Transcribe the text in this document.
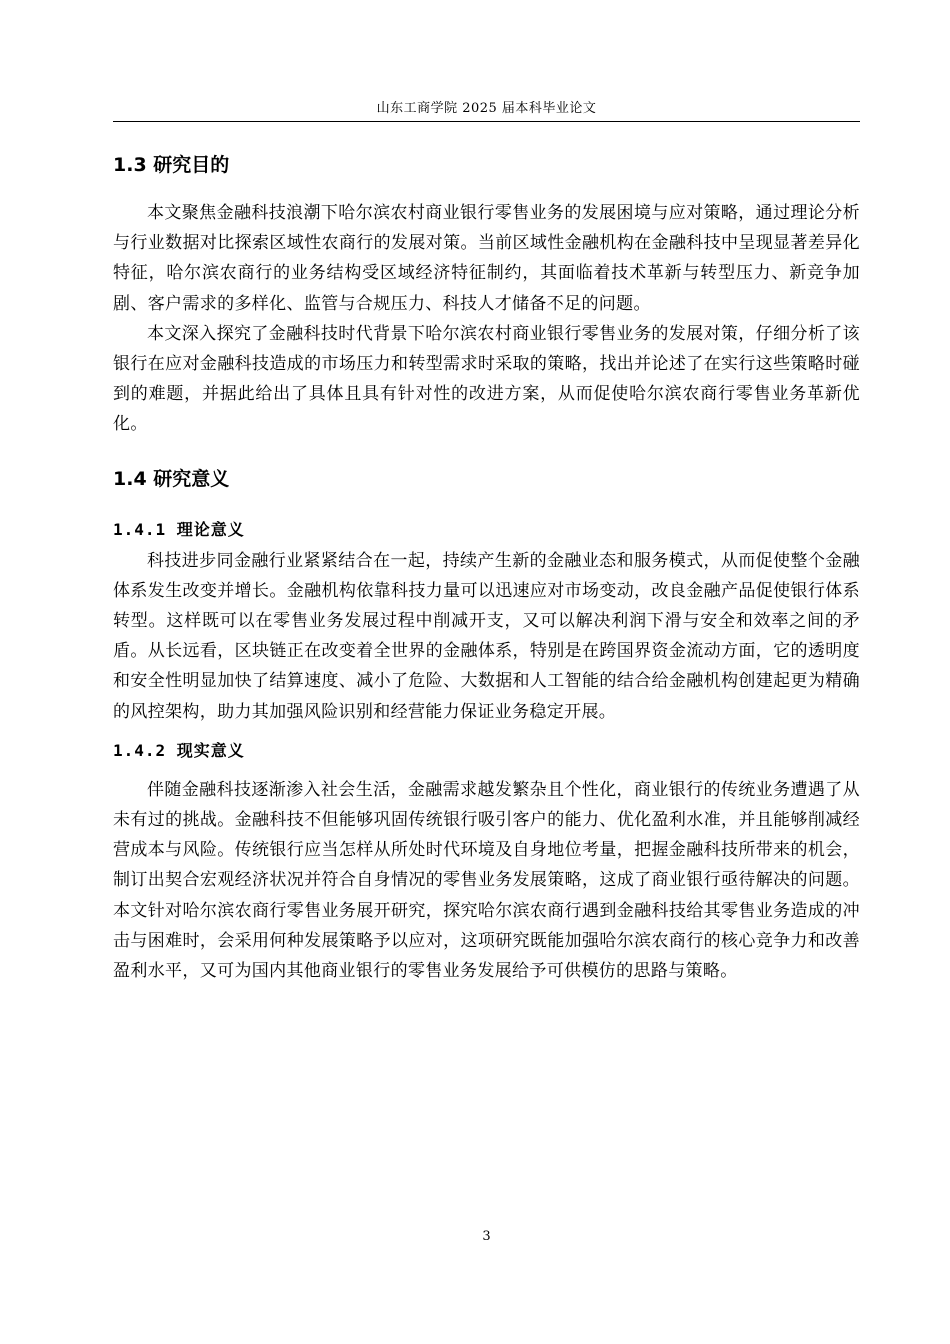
山东工商学院 2025 届本科毕业论文
1.3 研究目的

本文聚焦金融科技浪潮下哈尔滨农村商业银行零售业务的发展困境与应对策略，通过理论分析与行业数据对比探索区域性农商行的发展对策。当前区域性金融机构在金融科技中呈现显著差异化特征，哈尔滨农商行的业务结构受区域经济特征制约，其面临着技术革新与转型压力、新竞争加剧、客户需求的多样化、监管与合规压力、科技人才储备不足的问题。

本文深入探究了金融科技时代背景下哈尔滨农村商业银行零售业务的发展对策，仔细分析了该银行在应对金融科技造成的市场压力和转型需求时采取的策略，找出并论述了在实行这些策略时碰到的难题，并据此给出了具体且具有针对性的改进方案，从而促使哈尔滨农商行零售业务革新优化。

1.4 研究意义
1.4.1 理论意义

科技进步同金融行业紧紧结合在一起，持续产生新的金融业态和服务模式，从而促使整个金融体系发生改变并增长。金融机构依靠科技力量可以迅速应对市场变动，改良金融产品促使银行体系转型。这样既可以在零售业务发展过程中削减开支，又可以解决利润下滑与安全和效率之间的矛盾。从长远看，区块链正在改变着全世界的金融体系，特别是在跨国界资金流动方面，它的透明度和安全性明显加快了结算速度、减小了危险、大数据和人工智能的结合给金融机构创建起更为精确的风控架构，助力其加强风险识别和经营能力保证业务稳定开展。

1.4.2 现实意义

伴随金融科技逐渐渗入社会生活，金融需求越发繁杂且个性化，商业银行的传统业务遭遇了从未有过的挑战。金融科技不但能够巩固传统银行吸引客户的能力、优化盈利水准，并且能够削减经营成本与风险。传统银行应当怎样从所处时代环境及自身地位考量，把握金融科技所带来的机会，制订出契合宏观经济状况并符合自身情况的零售业务发展策略，这成了商业银行亟待解决的问题。本文针对哈尔滨农商行零售业务展开研究，探究哈尔滨农商行遇到金融科技给其零售业务造成的冲击与困难时，会采用何种发展策略予以应对，这项研究既能加强哈尔滨农商行的核心竞争力和改善盈利水平，又可为国内其他商业银行的零售业务发展给予可供模仿的思路与策略。

3
